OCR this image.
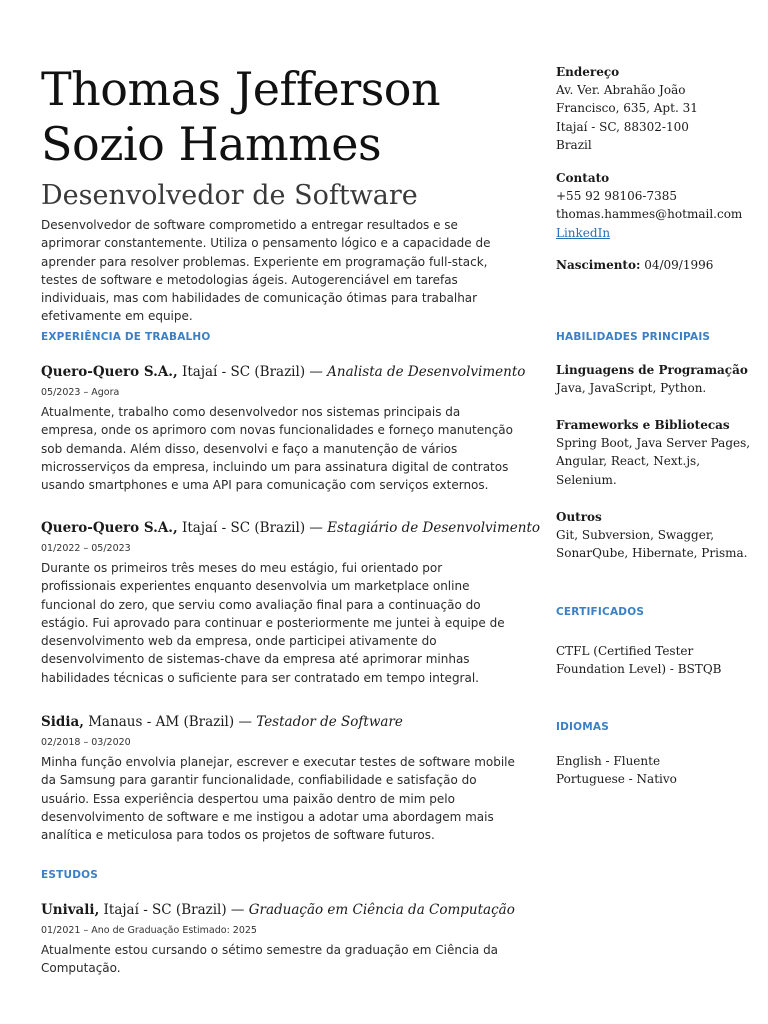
Thomas Jefferson
Sozio Hammes
Desenvolvedor de Software

Desenvolvedor de software comprometido a entregar resultados e se aprimorar constantemente. Utiliza o pensamento lógico e a capacidade de aprender para resolver problemas. Experiente em programação full-stack, testes de software e metodologias ágeis. Autogerenciável em tarefas individuais, mas com habilidades de comunicação ótimas para trabalhar efetivamente em equipe.

EXPERIÊNCIA DE TRABALHO
Quero-Quero S.A., Itajaí - SC (Brazil) — Analista de Desenvolvimento
05/2023 – Agora
Atualmente, trabalho como desenvolvedor nos sistemas principais da empresa, onde os aprimoro com novas funcionalidades e forneço manutenção sob demanda. Além disso, desenvolvi e faço a manutenção de vários microsserviços da empresa, incluindo um para assinatura digital de contratos usando smartphones e uma API para comunicação com serviços externos.
Quero-Quero S.A., Itajaí - SC (Brazil) — Estagiário de Desenvolvimento
01/2022 – 05/2023
Durante os primeiros três meses do meu estágio, fui orientado por profissionais experientes enquanto desenvolvia um marketplace online funcional do zero, que serviu como avaliação final para a continuação do estágio. Fui aprovado para continuar e posteriormente me juntei à equipe de desenvolvimento web da empresa, onde participei ativamente do desenvolvimento de sistemas-chave da empresa até aprimorar minhas habilidades técnicas o suficiente para ser contratado em tempo integral.
Sidia, Manaus - AM (Brazil) — Testador de Software
02/2018 – 03/2020
Minha função envolvia planejar, escrever e executar testes de software mobile da Samsung para garantir funcionalidade, confiabilidade e satisfação do usuário. Essa experiência despertou uma paixão dentro de mim pelo desenvolvimento de software e me instigou a adotar uma abordagem mais analítica e meticulosa para todos os projetos de software futuros.
ESTUDOS
Univali, Itajaí - SC (Brazil) — Graduação em Ciência da Computação
01/2021 – Ano de Graduação Estimado: 2025
Atualmente estou cursando o sétimo semestre da graduação em Ciência da Computação.
Endereço
Av. Ver. Abrahão João
Francisco, 635, Apt. 31
Itajaí - SC, 88302-100
Brazil
Contato
+55 92 98106-7385
thomas.hammes@hotmail.com
LinkedIn
Nascimento: 04/09/1996
HABILIDADES PRINCIPAIS
Linguagens de Programação
Java, JavaScript, Python.
Frameworks e Bibliotecas
Spring Boot, Java Server Pages,
Angular, React, Next.js,
Selenium.
Outros
Git, Subversion, Swagger,
SonarQube, Hibernate, Prisma.
CERTIFICADOS
CTFL (Certified Tester
Foundation Level) - BSTQB
IDIOMAS
English - Fluente
Portuguese - Nativo
